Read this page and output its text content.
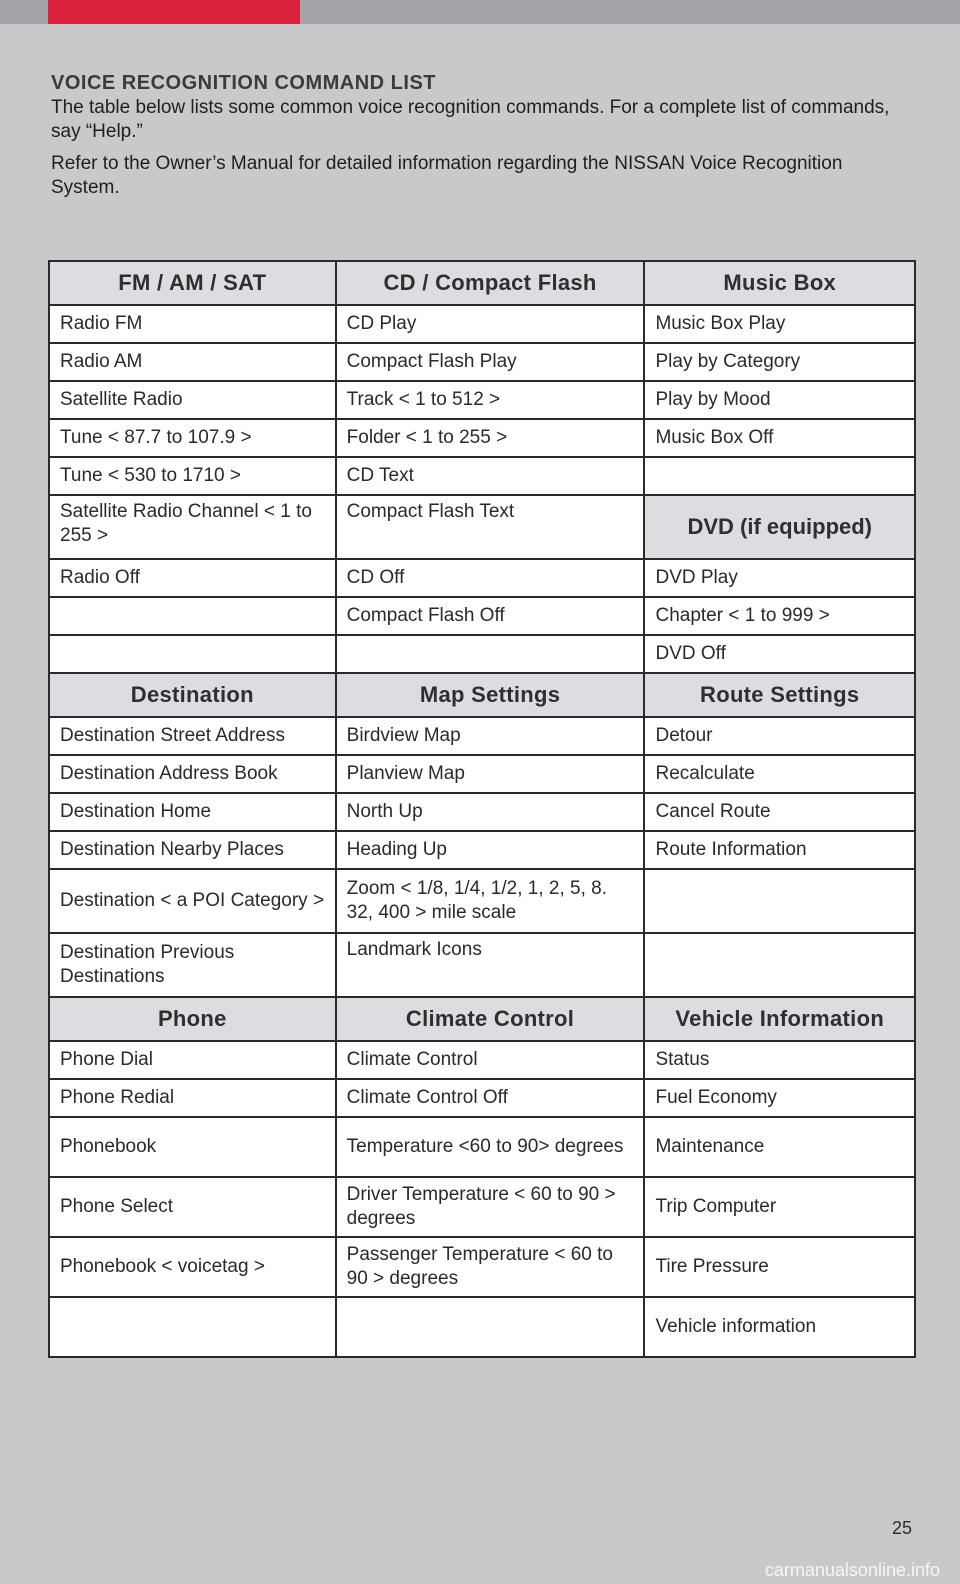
VOICE RECOGNITION COMMAND LIST

The table below lists some common voice recognition commands. For a complete list of commands, say “Help.”

Refer to the Owner’s Manual for detailed information regarding the NISSAN Voice Recognition System.

FM / AM / SAT	CD / Compact Flash	Music Box
Radio FM	CD Play	Music Box Play
Radio AM	Compact Flash Play	Play by Category
Satellite Radio	Track < 1 to 512 >	Play by Mood
Tune < 87.7 to 107.9 >	Folder < 1 to 255 >	Music Box Off
Tune < 530 to 1710 >	CD Text	
Satellite Radio Channel < 1 to 255 >	Compact Flash Text	DVD (if equipped)
Radio Off	CD Off	DVD Play
	Compact Flash Off	Chapter < 1 to 999 >
		DVD Off
Destination	Map Settings	Route Settings
Destination Street Address	Birdview Map	Detour
Destination Address Book	Planview Map	Recalculate
Destination Home	North Up	Cancel Route
Destination Nearby Places	Heading Up	Route Information
Destination < a POI Category >	Zoom < 1/8, 1/4, 1/2, 1, 2, 5, 8. 32, 400 > mile scale	
Destination Previous Destinations	Landmark Icons	
Phone	Climate Control	Vehicle Information
Phone Dial	Climate Control	Status
Phone Redial	Climate Control Off	Fuel Economy
Phonebook	Temperature <60 to 90> degrees	Maintenance
Phone Select	Driver Temperature < 60 to 90 > degrees	Trip Computer
Phonebook < voicetag >	Passenger Temperature < 60 to 90 > degrees	Tire Pressure
		Vehicle information
25
carmanualsonline.info
